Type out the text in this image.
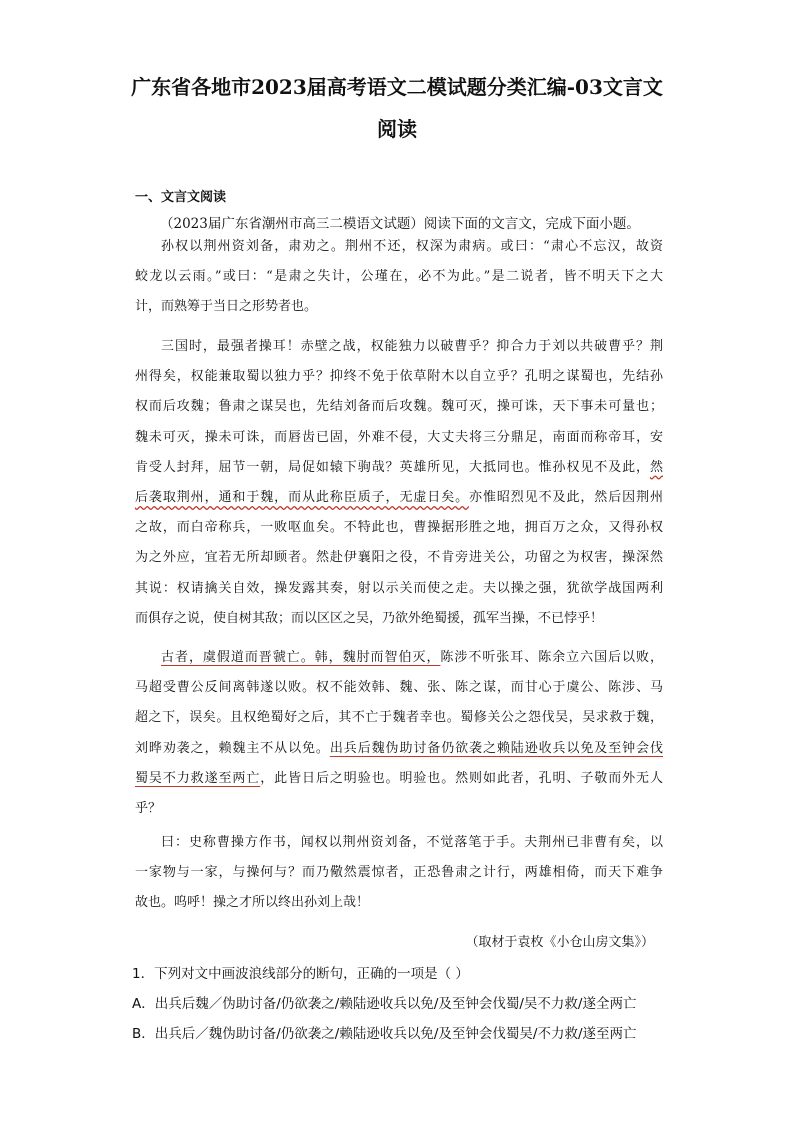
广东省各地市2023届高考语文二模试题分类汇编-03文言文
阅读
一、文言文阅读
（2023届广东省潮州市高三二模语文试题）阅读下面的文言文，完成下面小题。
孙权以荆州资刘备，肃劝之。荆州不还，权深为肃病。或曰：“肃心不忘汉，故资
蛟龙以云雨。”或曰：“是肃之失计，公瑾在，必不为此。”是二说者，皆不明天下之大
计，而熟筹于当日之形势者也。
三国时，最强者操耳！赤壁之战，权能独力以破曹乎？抑合力于刘以共破曹乎？荆
州得矣，权能兼取蜀以独力乎？抑终不免于依草附木以自立乎？孔明之谋蜀也，先结孙
权而后攻魏；鲁肃之谋吴也，先结刘备而后攻魏。魏可灭，操可诛，天下事未可量也；
魏未可灭，操未可诛，而唇齿已固，外难不侵，大丈夫将三分鼎足，南面而称帝耳，安
肯受人封拜，屈节一朝，局促如辕下驹哉？英雄所见，大抵同也。惟孙权见不及此，然
后袭取荆州，通和于魏，而从此称臣质子，无虚日矣。亦惟昭烈见不及此，然后因荆州
之故，而白帝称兵，一败呕血矣。不特此也，曹操据形胜之地，拥百万之众，又得孙权
为之外应，宜若无所却顾者。然赴伊襄阳之役，不肯旁进关公，功留之为权害，操深然
其说：权请擒关自效，操发露其奏，射以示关而使之走。夫以操之强，犹欲学战国两利
而俱存之说，使自树其敌；而以区区之吴，乃欲外绝蜀援，孤军当操，不已悖乎！
古者，虞假道而晋虢亡。韩，魏肘而智伯灭，陈涉不听张耳、陈余立六国后以败，
马超受曹公反间离韩遂以败。权不能效韩、魏、张、陈之谋，而甘心于虞公、陈涉、马
超之下，误矣。且权绝蜀好之后，其不亡于魏者幸也。蜀修关公之怨伐吴，吴求救于魏，
刘晔劝袭之，赖魏主不从以免。出兵后魏伪助讨备仍欲袭之赖陆逊收兵以免及至钟会伐
蜀吴不力救遂至两亡，此皆日后之明验也。明验也。然则如此者，孔明、子敬而外无人
乎？
曰：史称曹操方作书，闻权以荆州资刘备，不觉落笔于手。夫荆州已非曹有矣，以
一家物与一家，与操何与？而乃儆然震惊者，正恐鲁肃之计行，两雄相倚，而天下难争
故也。呜呼！操之才所以终出孙刘上哉！
（取材于袁枚《小仓山房文集》）
1．下列对文中画波浪线部分的断句，正确的一项是（ ）
A．出兵后魏／伪助讨备/仍欲袭之/赖陆逊收兵以免/及至钟会伐蜀/吴不力救/遂全两亡
B．出兵后／魏伪助讨备/仍欲袭之/赖陆逊收兵以免/及至钟会伐蜀吴/不力救/遂至两亡
